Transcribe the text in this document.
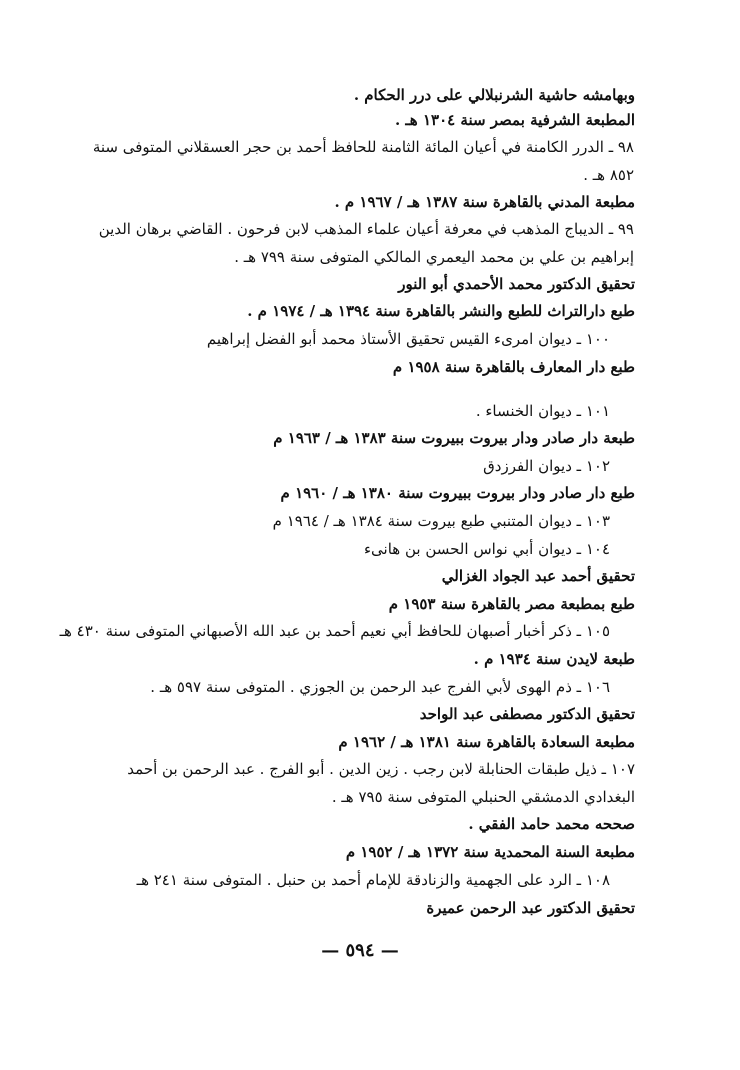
وبهامشه حاشية الشرنبلالي على درر الحكام .
المطبعة الشرفية بمصر سنة ١٣٠٤ هـ .
٩٨ ـ الدرر الكامنة في أعيان المائة الثامنة للحافظ أحمد بن حجر العسقلاني المتوفى سنة
٨٥٢ هـ .
مطبعة المدني بالقاهرة سنة ١٣٨٧ هـ / ١٩٦٧ م .
٩٩ ـ الديباج المذهب في معرفة أعيان علماء المذهب لابن فرحون . القاضي برهان الدين
إبراهيم بن علي بن محمد اليعمري المالكي المتوفى سنة ٧٩٩ هـ .
تحقيق الدكتور محمد الأحمدي أبو النور
طبع دارالتراث للطبع والنشر بالقاهرة سنة ١٣٩٤ هـ / ١٩٧٤ م .
١٠٠ ـ ديوان امرىء القيس تحقيق الأستاذ محمد أبو الفضل إبراهيم
طبع دار المعارف بالقاهرة سنة ١٩٥٨ م
١٠١ ـ ديوان الخنساء .
طبعة دار صادر ودار بيروت ببيروت سنة ١٣٨٣ هـ / ١٩٦٣ م
١٠٢ ـ ديوان الفرزدق
طبع دار صادر ودار بيروت ببيروت سنة ١٣٨٠ هـ / ١٩٦٠ م
١٠٣ ـ ديوان المتنبي طبع بيروت سنة ١٣٨٤ هـ / ١٩٦٤ م
١٠٤ ـ ديوان أبي نواس الحسن بن هانىء
تحقيق أحمد عبد الجواد الغزالي
طبع بمطبعة مصر بالقاهرة سنة ١٩٥٣ م
١٠٥ ـ ذكر أخبار أصبهان للحافظ أبي نعيم أحمد بن عبد الله الأصبهاني المتوفى سنة ٤٣٠ هـ
طبعة لايدن سنة ١٩٣٤ م .
١٠٦ ـ ذم الهوى لأبي الفرج عبد الرحمن بن الجوزي . المتوفى سنة ٥٩٧ هـ .
تحقيق الدكتور مصطفى عبد الواحد
مطبعة السعادة بالقاهرة سنة ١٣٨١ هـ / ١٩٦٢ م
١٠٧ ـ ذيل طبقات الحنابلة لابن رجب . زين الدين . أبو الفرج . عبد الرحمن بن أحمد
البغدادي الدمشقي الحنبلي المتوفى سنة ٧٩٥ هـ .
صححه محمد حامد الفقي .
مطبعة السنة المحمدية سنة ١٣٧٢ هـ / ١٩٥٢ م
١٠٨ ـ الرد على الجهمية والزنادقة للإمام أحمد بن حنبل . المتوفى سنة ٢٤١ هـ
تحقيق الدكتور عبد الرحمن عميرة
— ٥٩٤ —
